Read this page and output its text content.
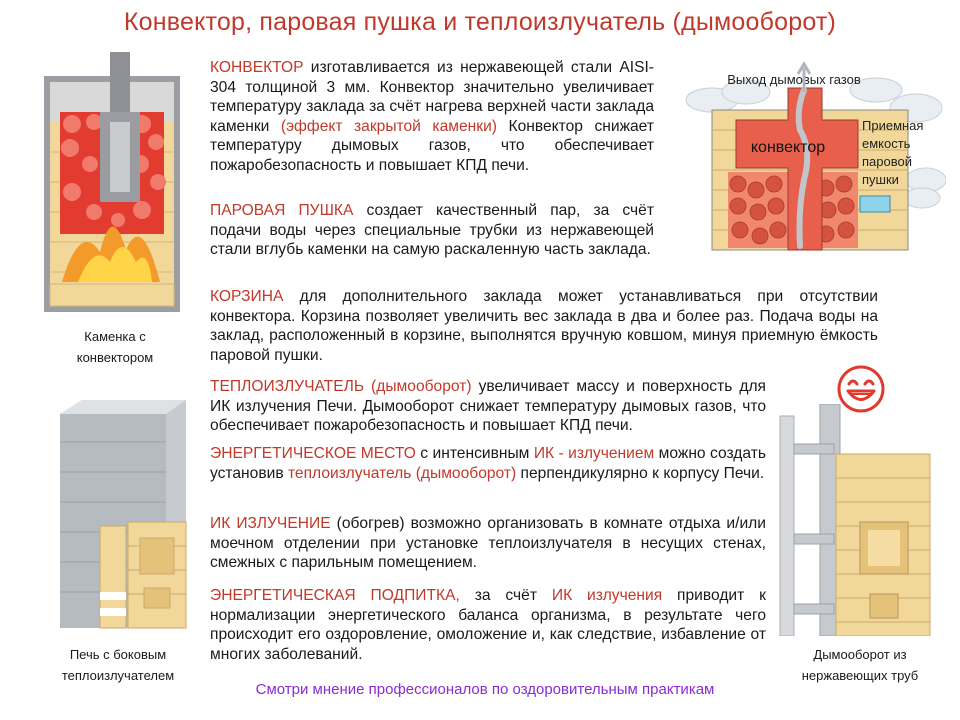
Конвектор, паровая пушка и теплоизлучатель (дымооборот)
Каменка с
конвектором
КОНВЕКТОР изготавливается из нержавеющей стали AISI-304 толщиной 3 мм. Конвектор значительно увеличивает температуру заклада за счёт нагрева верхней части заклада каменки (эффект закрытой каменки) Конвектор снижает температуру дымовых газов, что обеспечивает пожаробезопасность и повышает КПД печи.
ПАРОВАЯ ПУШКА создает качественный пар, за счёт подачи воды через специальные трубки из нержавеющей стали вглубь каменки на самую раскаленную часть заклада.
Выход дымовых газов
конвектор
Приемная
емкость
паровой
пушки
КОРЗИНА для дополнительного заклада может устанавливаться при отсутствии конвектора. Корзина позволяет увеличить вес заклада в два и более раз. Подача воды на заклад, расположенный в корзине, выполнятся вручную ковшом, минуя приемную ёмкость паровой пушки.
Печь с боковым
теплоизлучателем
ТЕПЛОИЗЛУЧАТЕЛЬ (дымооборот) увеличивает массу и поверхность для ИК излучения Печи. Дымооборот снижает температуру дымовых газов, что обеспечивает пожаробезопасность и повышает КПД печи.
ЭНЕРГЕТИЧЕСКОЕ МЕСТО с интенсивным ИК - излучением можно создать установив теплоизлучатель (дымооборот) перпендикулярно к корпусу Печи.
ИК ИЗЛУЧЕНИЕ (обогрев) возможно организовать в комнате отдыха и/или моечном отделении при установке теплоизлучателя в несущих стенах, смежных с парильным помещением.
ЭНЕРГЕТИЧЕСКАЯ ПОДПИТКА, за счёт ИК излучения приводит к нормализации энергетического баланса организма, в результате чего происходит его оздоровление, омоложение и, как следствие, избавление от многих заболеваний.	Дымооборот из
нержавеющих труб
Смотри мнение профессионалов по оздоровительным практикам
